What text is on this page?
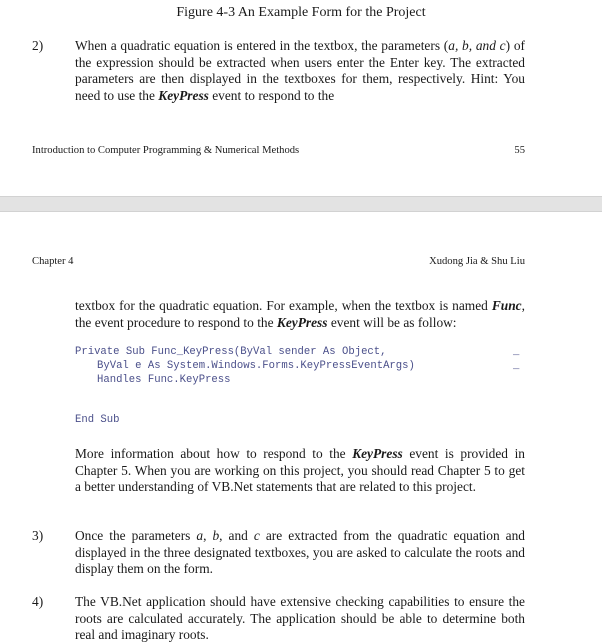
Figure 4-3 An Example Form for the Project
2) When a quadratic equation is entered in the textbox, the parameters (a, b, and c) of the expression should be extracted when users enter the Enter key. The extracted parameters are then displayed in the textboxes for them, respectively. Hint: You need to use the KeyPress event to respond to the
Introduction to Computer Programming & Numerical Methods	55
Chapter 4	Xudong Jia & Shu Liu
textbox for the quadratic equation. For example, when the textbox is named Func, the event procedure to respond to the KeyPress event will be as follow:
Private Sub Func_KeyPress(ByVal sender As Object,	_
ByVal e As System.Windows.Forms.KeyPressEventArgs)	_
Handles Func.KeyPress
End Sub
More information about how to respond to the KeyPress event is provided in Chapter 5. When you are working on this project, you should read Chapter 5 to get a better understanding of VB.Net statements that are related to this project.
3) Once the parameters a, b, and c are extracted from the quadratic equation and displayed in the three designated textboxes, you are asked to calculate the roots and display them on the form.
4) The VB.Net application should have extensive checking capabilities to ensure the roots are calculated accurately. The application should be able to determine both real and imaginary roots.
